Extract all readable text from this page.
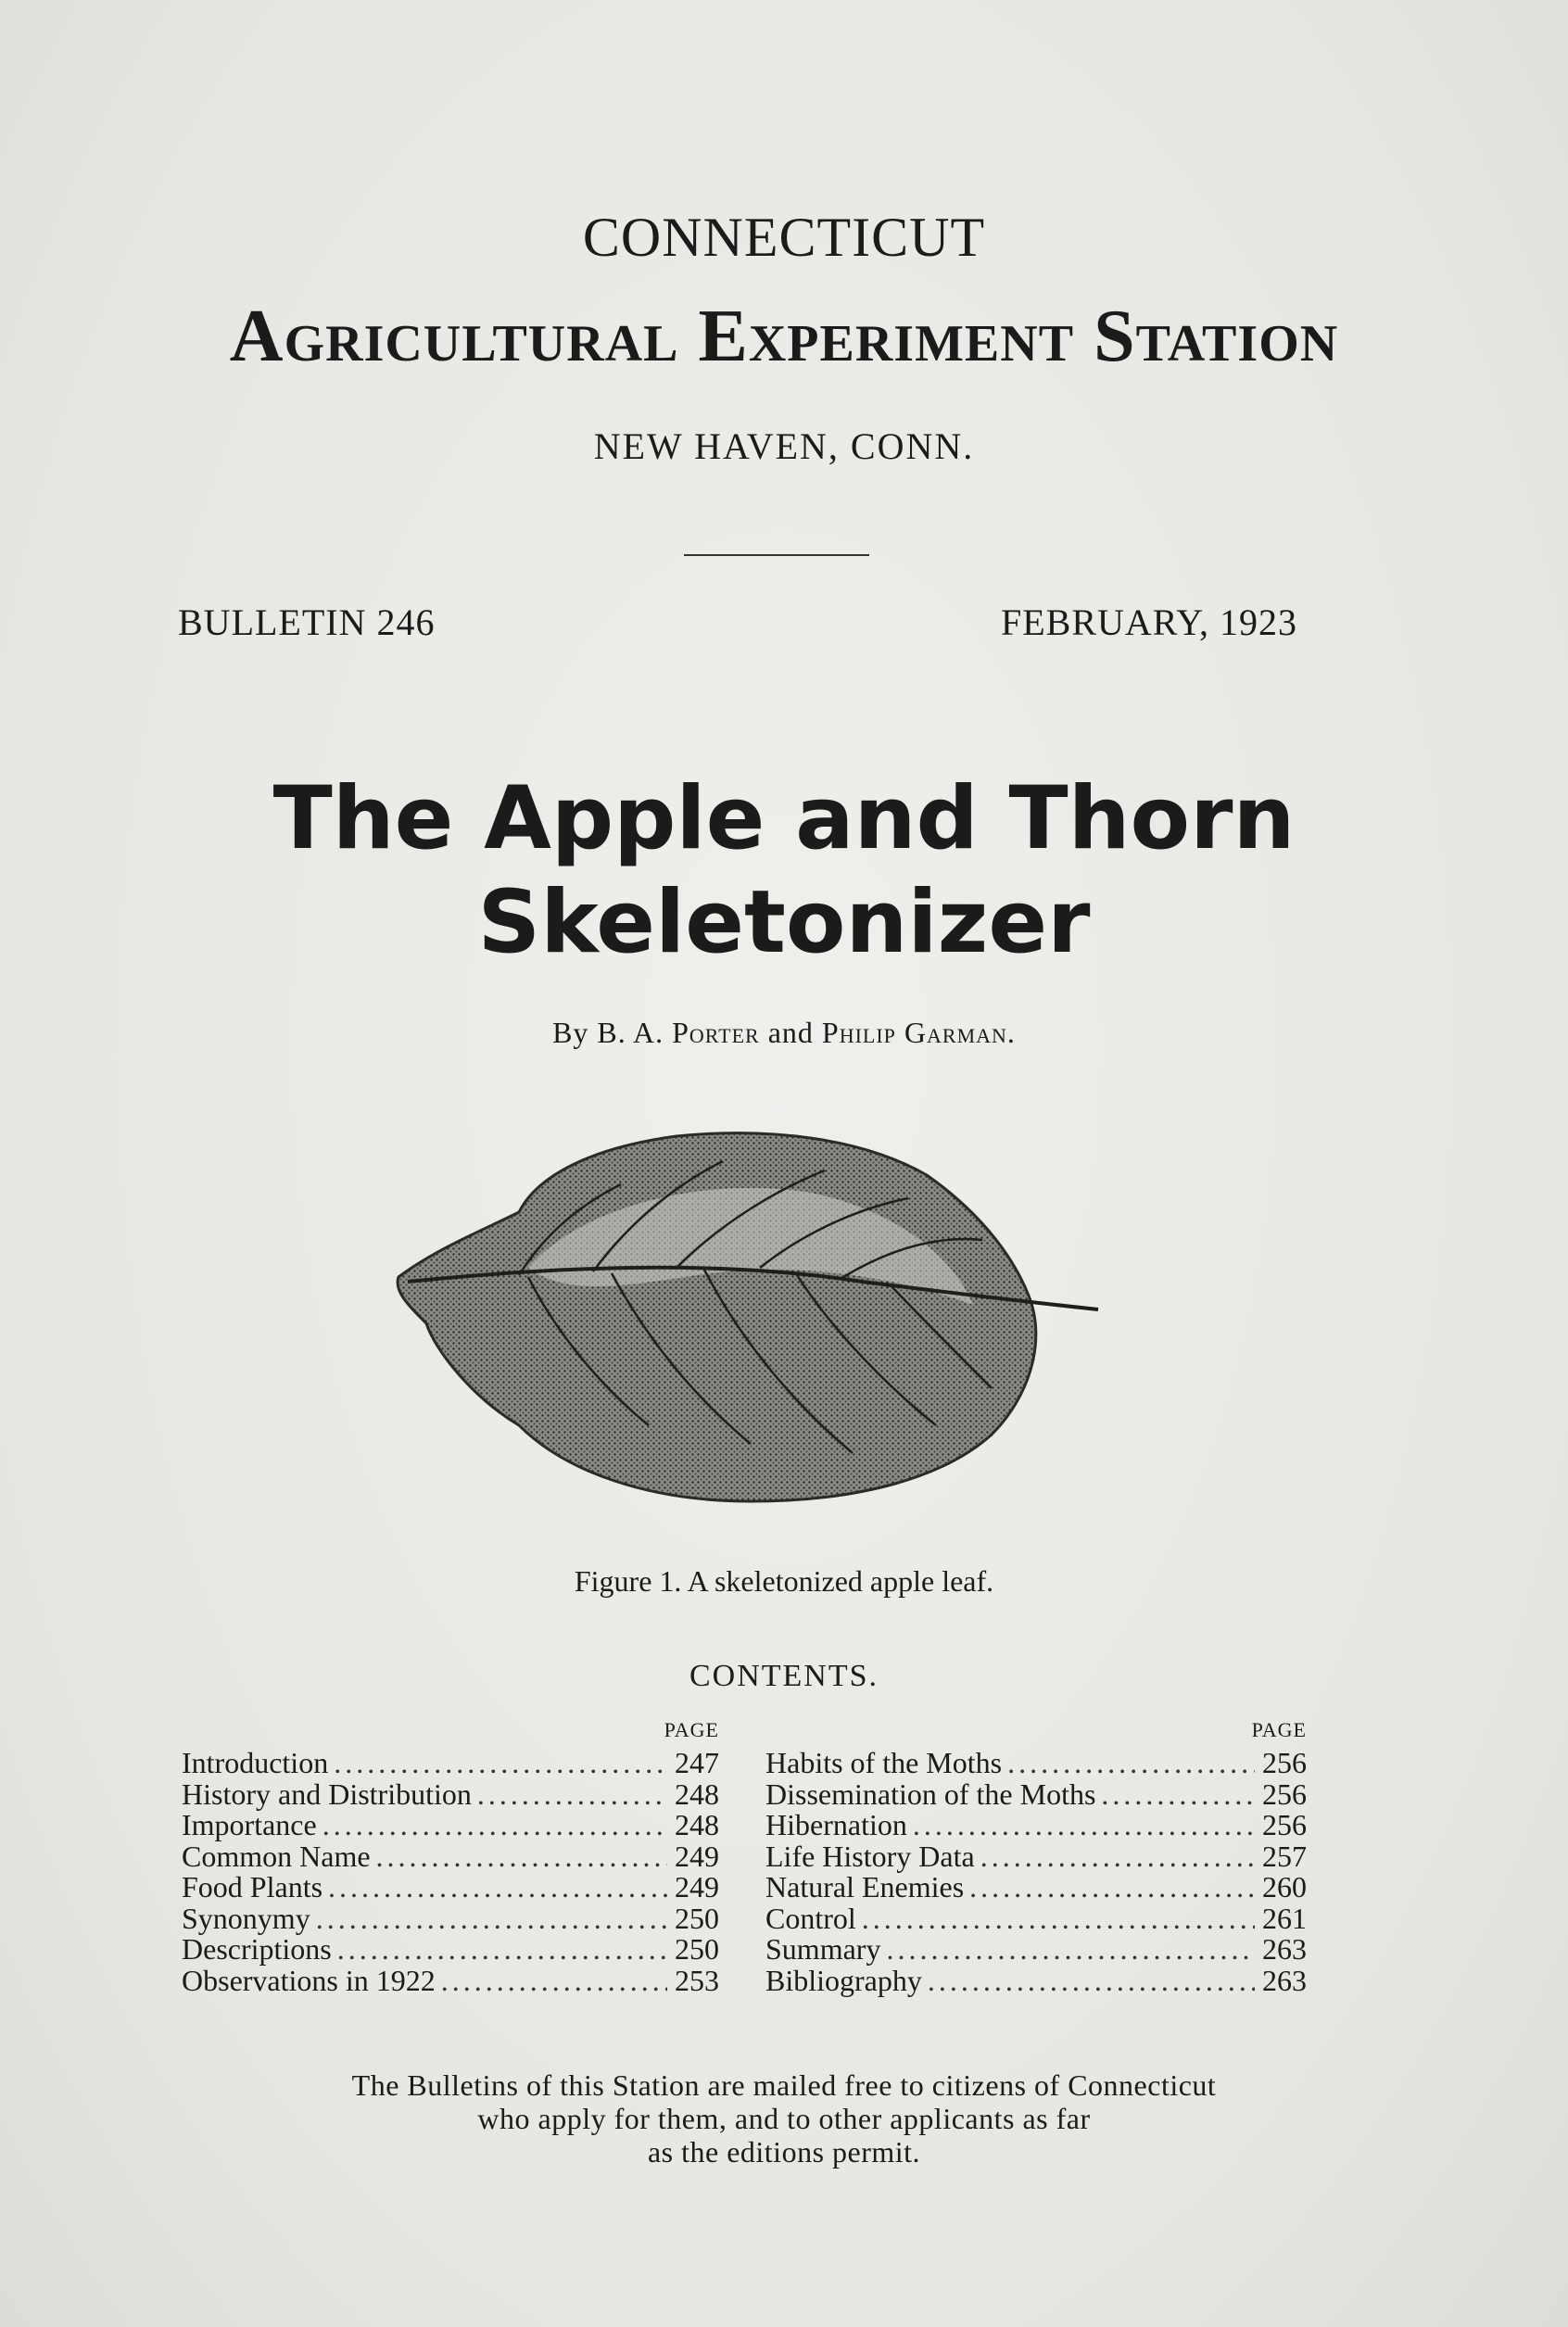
CONNECTICUT
Agricultural Experiment Station
NEW HAVEN, CONN.
BULLETIN 246	FEBRUARY, 1923
The Apple and Thorn
Skeletonizer
By B. A. Porter and Philip Garman.
Figure 1. A skeletonized apple leaf.
CONTENTS.
PAGE
Introduction .....	247
History and Distribution .....	248
Importance .....	248
Common Name .....	249
Food Plants .....	249
Synonymy .....	250
Descriptions .....	250
Observations in 1922 .....	253
PAGE
Habits of the Moths .....	256
Dissemination of the Moths .....	256
Hibernation .....	256
Life History Data .....	257
Natural Enemies .....	260
Control .....	261
Summary .....	263
Bibliography .....	263
The Bulletins of this Station are mailed free to citizens of Connecticut
who apply for them, and to other applicants as far
as the editions permit.
